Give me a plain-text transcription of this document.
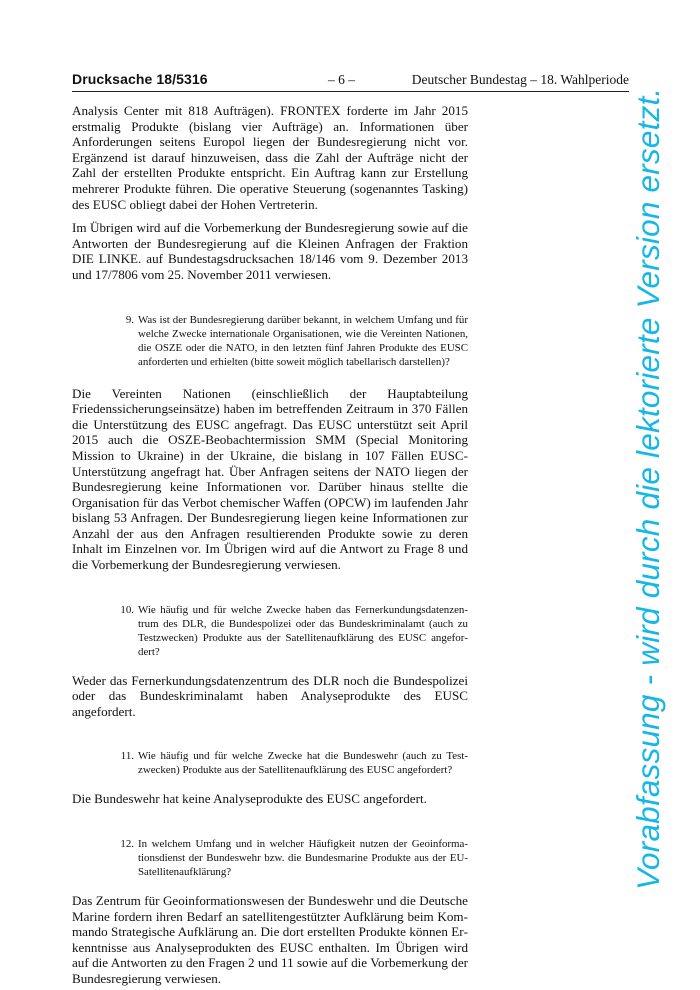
Drucksache 18/5316	– 6 –	Deutscher Bundestag – 18. Wahlperiode

Analysis Center mit 818 Aufträgen). FRONTEX forderte im Jahr 2015 erstmalig Produkte (bislang vier Aufträge) an. Informationen über Anforderungen seitens Europol liegen der Bundesregierung nicht vor. Ergänzend ist darauf hinzuweisen, dass die Zahl der Aufträge nicht der Zahl der erstellten Produkte entspricht. Ein Auftrag kann zur Erstellung mehrerer Produkte führen. Die operative Steuerung (sogenanntes Tasking) des EUSC obliegt dabei der Hohen Vertreterin.

Im Übrigen wird auf die Vorbemerkung der Bundesregierung sowie auf die Antworten der Bundesregierung auf die Kleinen Anfragen der Fraktion DIE LINKE. auf Bundestagsdrucksachen 18/146 vom 9. Dezember 2013 und 17/7806 vom 25. November 2011 verwiesen.

9. Was ist der Bundesregierung darüber bekannt, in welchem Umfang und für welche Zwecke internationale Organisationen, wie die Vereinten Nationen, die OSZE oder die NATO, in den letzten fünf Jahren Produkte des EUSC anforderten und erhielten (bitte soweit möglich tabellarisch darstellen)?

Die Vereinten Nationen (einschließlich der Hauptabteilung Friedenssicherungseinsätze) haben im betreffenden Zeitraum in 370 Fällen die Unterstützung des EUSC angefragt. Das EUSC unterstützt seit April 2015 auch die OSZE-Beobachtermission SMM (Special Monitoring Mission to Ukraine) in der Ukraine, die bislang in 107 Fällen EUSC-Unterstützung angefragt hat. Über Anfragen seitens der NATO liegen der Bundesregierung keine Informationen vor. Darüber hinaus stellte die Organisation für das Verbot chemischer Waffen (OPCW) im laufenden Jahr bislang 53 Anfragen. Der Bundesregierung liegen keine Informationen zur Anzahl der aus den Anfragen resultierenden Produkte sowie zu deren Inhalt im Einzelnen vor. Im Übrigen wird auf die Antwort zu Frage 8 und die Vorbemerkung der Bundesregierung verwiesen.

10. Wie häufig und für welche Zwecke haben das Fernerkundungsdatenzentrum des DLR, die Bundespolizei oder das Bundeskriminalamt (auch zu Testzwecken) Produkte aus der Satellitenaufklärung des EUSC angefordert?

Weder das Fernerkundungsdatenzentrum des DLR noch die Bundespolizei oder das Bundeskriminalamt haben Analyseprodukte des EUSC angefordert.

11. Wie häufig und für welche Zwecke hat die Bundeswehr (auch zu Testzwecken) Produkte aus der Satellitenaufklärung des EUSC angefordert?

Die Bundeswehr hat keine Analyseprodukte des EUSC angefordert.

12. In welchem Umfang und in welcher Häufigkeit nutzen der Geoinformationsdienst der Bundeswehr bzw. die Bundesmarine Produkte aus der EU-Satellitenaufklärung?

Das Zentrum für Geoinformationswesen der Bundeswehr und die Deutsche Marine fordern ihren Bedarf an satellitengestützter Aufklärung beim Kommando Strategische Aufklärung an. Die dort erstellten Produkte können Erkenntnisse aus Analyseprodukten des EUSC enthalten. Im Übrigen wird auf die Antworten zu den Fragen 2 und 11 sowie auf die Vorbemerkung der Bundesregierung verwiesen.

Vorabfassung - wird durch die lektorierte Version ersetzt.
